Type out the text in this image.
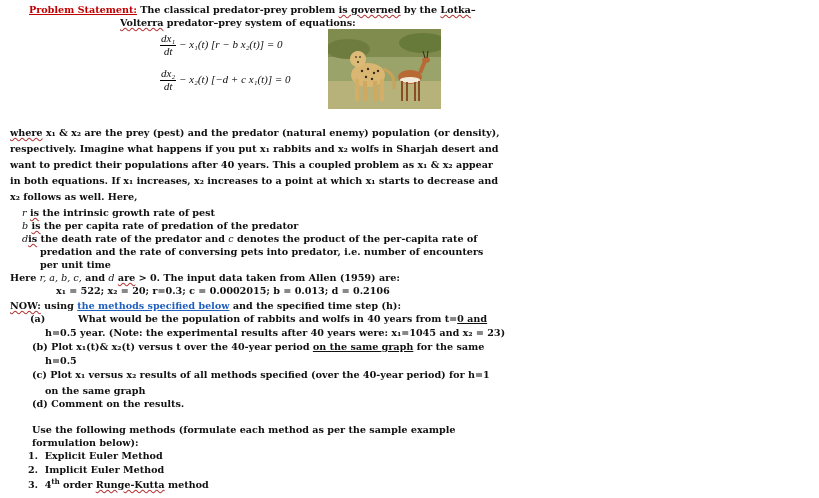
Problem Statement: The classical predator-prey problem is governed by the Lotka–
Volterra predator–prey system of equations:
$\frac{\text{dx₁}}{dt} - x_1(t) [r - b$ x₂(t)] = 0
$\frac{\text{dx₂}}{dt} - x_2(t) [-d + c$ x₁(t)] = 0
where x₁ & x₂ are the prey (pest) and the predator (natural enemy) population (or density),
respectively. Imagine what happens if you put x₁ rabbits and x₂ wolfs in Sharjah desert and
want to predict their populations after 40 years. This a coupled problem as x₁ & x₂ appear
in both equations. If x₁ increases, x₂ increases to a point at which x₁ starts to decrease and
x₂ follows as well. Here,
r is the intrinsic growth rate of pest
b is the per capita rate of predation of the predator
dis the death rate of the predator and c denotes the product of the per-capita rate of
predation and the rate of conversing pets into predator, i.e. number of encounters
per unit time
Here r, a, b, c, and d are > 0. The input data taken from Allen (1959) are:
x₁ = 522; x₂ = 20; r=0.3; c = 0.0002015; b = 0.013; d = 0.2106
NOW: using the methods specified below and the specified time step (h):
(a)	What would be the population of rabbits and wolfs in 40 years from t=0 and
h=0.5 year. (Note: the experimental results after 40 years were: x₁=1045 and x₂ = 23)
(b) Plot x₁(t)& x₂(t) versus t over the 40-year period on the same graph for the same
h=0.5
(c) Plot x₁ versus x₂ results of all methods specified (over the 40-year period) for h=1
on the same graph
(d) Comment on the results.
Use the following methods (formulate each method as per the sample example
formulation below):
1. Explicit Euler Method
2. Implicit Euler Method
3. 4th order Runge-Kutta method
